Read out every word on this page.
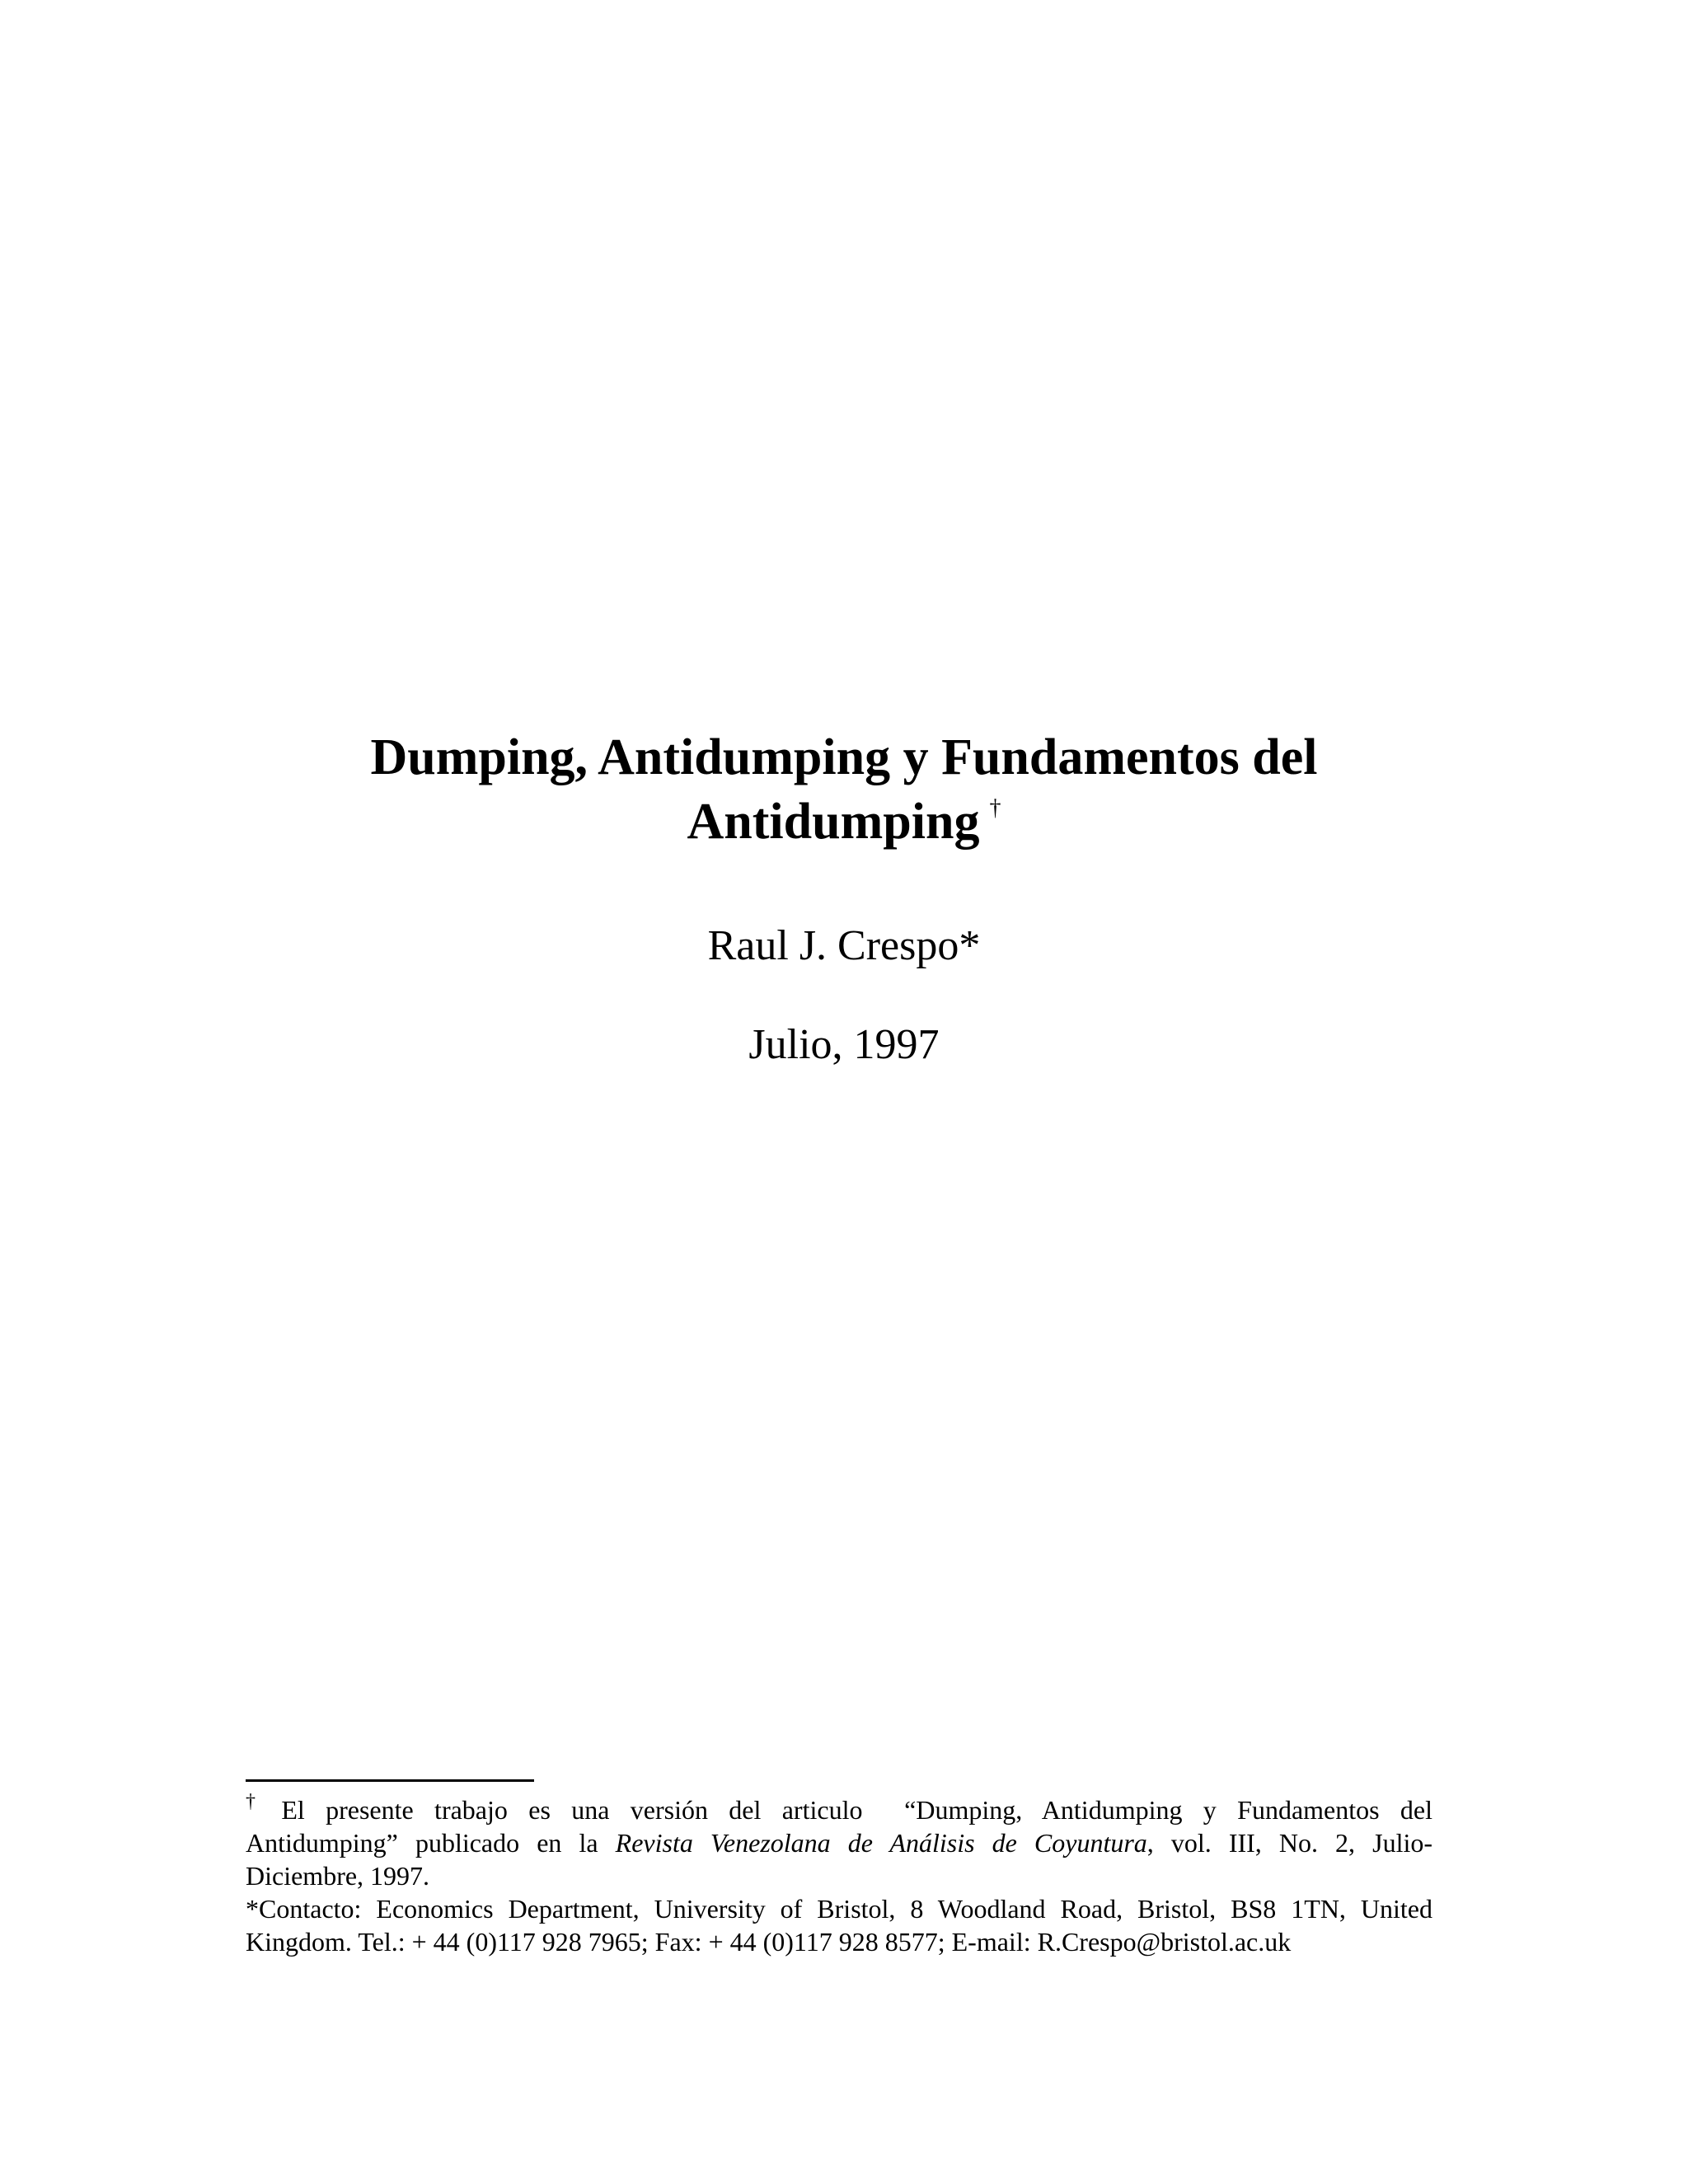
Dumping, Antidumping y Fundamentos del
Antidumping †
Raul J. Crespo*
Julio, 1997

† El presente trabajo es una versión del articulo  “Dumping, Antidumping y Fundamentos del
Antidumping” publicado en la Revista Venezolana de Análisis de Coyuntura, vol. III, No. 2, Julio-
Diciembre, 1997.

*Contacto: Economics Department, University of Bristol, 8 Woodland Road, Bristol, BS8 1TN, United
Kingdom. Tel.: + 44 (0)117 928 7965; Fax: + 44 (0)117 928 8577; E-mail: R.Crespo@bristol.ac.uk
